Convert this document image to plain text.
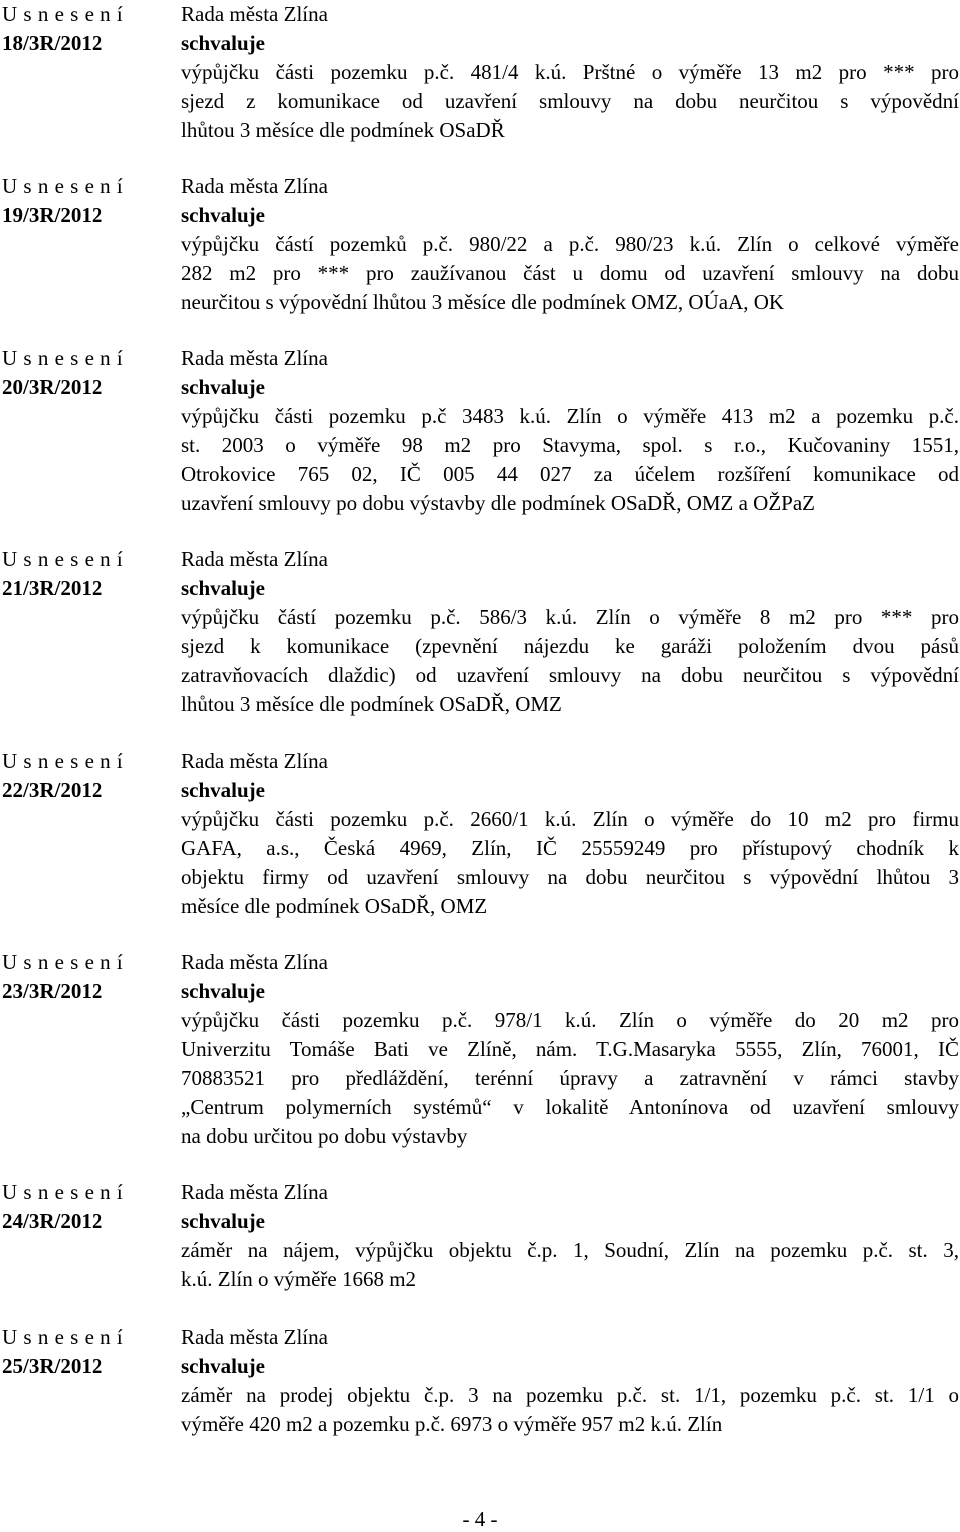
U s n e s e n í
18/3R/2012
Rada města Zlína
schvaluje
výpůjčku části pozemku p.č. 481/4 k.ú. Prštné o výměře 13 m2 pro *** pro
sjezd z komunikace od uzavření smlouvy na dobu neurčitou s výpovědní
lhůtou 3 měsíce dle podmínek OSaDŘ
U s n e s e n í
19/3R/2012
Rada města Zlína
schvaluje
výpůjčku částí pozemků p.č. 980/22 a p.č. 980/23 k.ú. Zlín o celkové výměře
282 m2 pro *** pro zaužívanou část u domu od uzavření smlouvy na dobu
neurčitou s výpovědní lhůtou 3 měsíce dle podmínek OMZ, OÚaA, OK
U s n e s e n í
20/3R/2012
Rada města Zlína
schvaluje
výpůjčku části pozemku p.č 3483 k.ú. Zlín o výměře 413 m2 a pozemku p.č.
st. 2003 o výměře 98 m2 pro Stavyma, spol. s r.o., Kučovaniny 1551,
Otrokovice 765 02, IČ 005 44 027 za účelem rozšíření komunikace od
uzavření smlouvy po dobu výstavby dle podmínek OSaDŘ, OMZ a OŽPaZ
U s n e s e n í
21/3R/2012
Rada města Zlína
schvaluje
výpůjčku částí pozemku p.č. 586/3 k.ú. Zlín o výměře 8 m2 pro *** pro
sjezd k komunikace (zpevnění nájezdu ke garáži položením dvou pásů
zatravňovacích dlaždic) od uzavření smlouvy na dobu neurčitou s výpovědní
lhůtou 3 měsíce dle podmínek OSaDŘ, OMZ
U s n e s e n í
22/3R/2012
Rada města Zlína
schvaluje
výpůjčku části pozemku p.č. 2660/1 k.ú. Zlín o výměře do 10 m2 pro firmu
GAFA, a.s., Česká 4969, Zlín, IČ 25559249 pro přístupový chodník k
objektu firmy od uzavření smlouvy na dobu neurčitou s výpovědní lhůtou 3
měsíce dle podmínek OSaDŘ, OMZ
U s n e s e n í
23/3R/2012
Rada města Zlína
schvaluje
výpůjčku části pozemku p.č. 978/1 k.ú. Zlín o výměře do 20 m2 pro
Univerzitu Tomáše Bati ve Zlíně, nám. T.G.Masaryka 5555, Zlín, 76001, IČ
70883521 pro předláždění, terénní úpravy a zatravnění v rámci stavby
„Centrum polymerních systémů“ v lokalitě Antonínova od uzavření smlouvy
na dobu určitou po dobu výstavby
U s n e s e n í
24/3R/2012
Rada města Zlína
schvaluje
záměr na nájem, výpůjčku objektu č.p. 1, Soudní, Zlín na pozemku p.č. st. 3,
k.ú. Zlín o výměře 1668 m2
U s n e s e n í
25/3R/2012
Rada města Zlína
schvaluje
záměr na prodej objektu č.p. 3 na pozemku p.č. st. 1/1, pozemku p.č. st. 1/1 o
výměře 420 m2 a pozemku p.č. 6973 o výměře 957 m2 k.ú. Zlín
- 4 -
